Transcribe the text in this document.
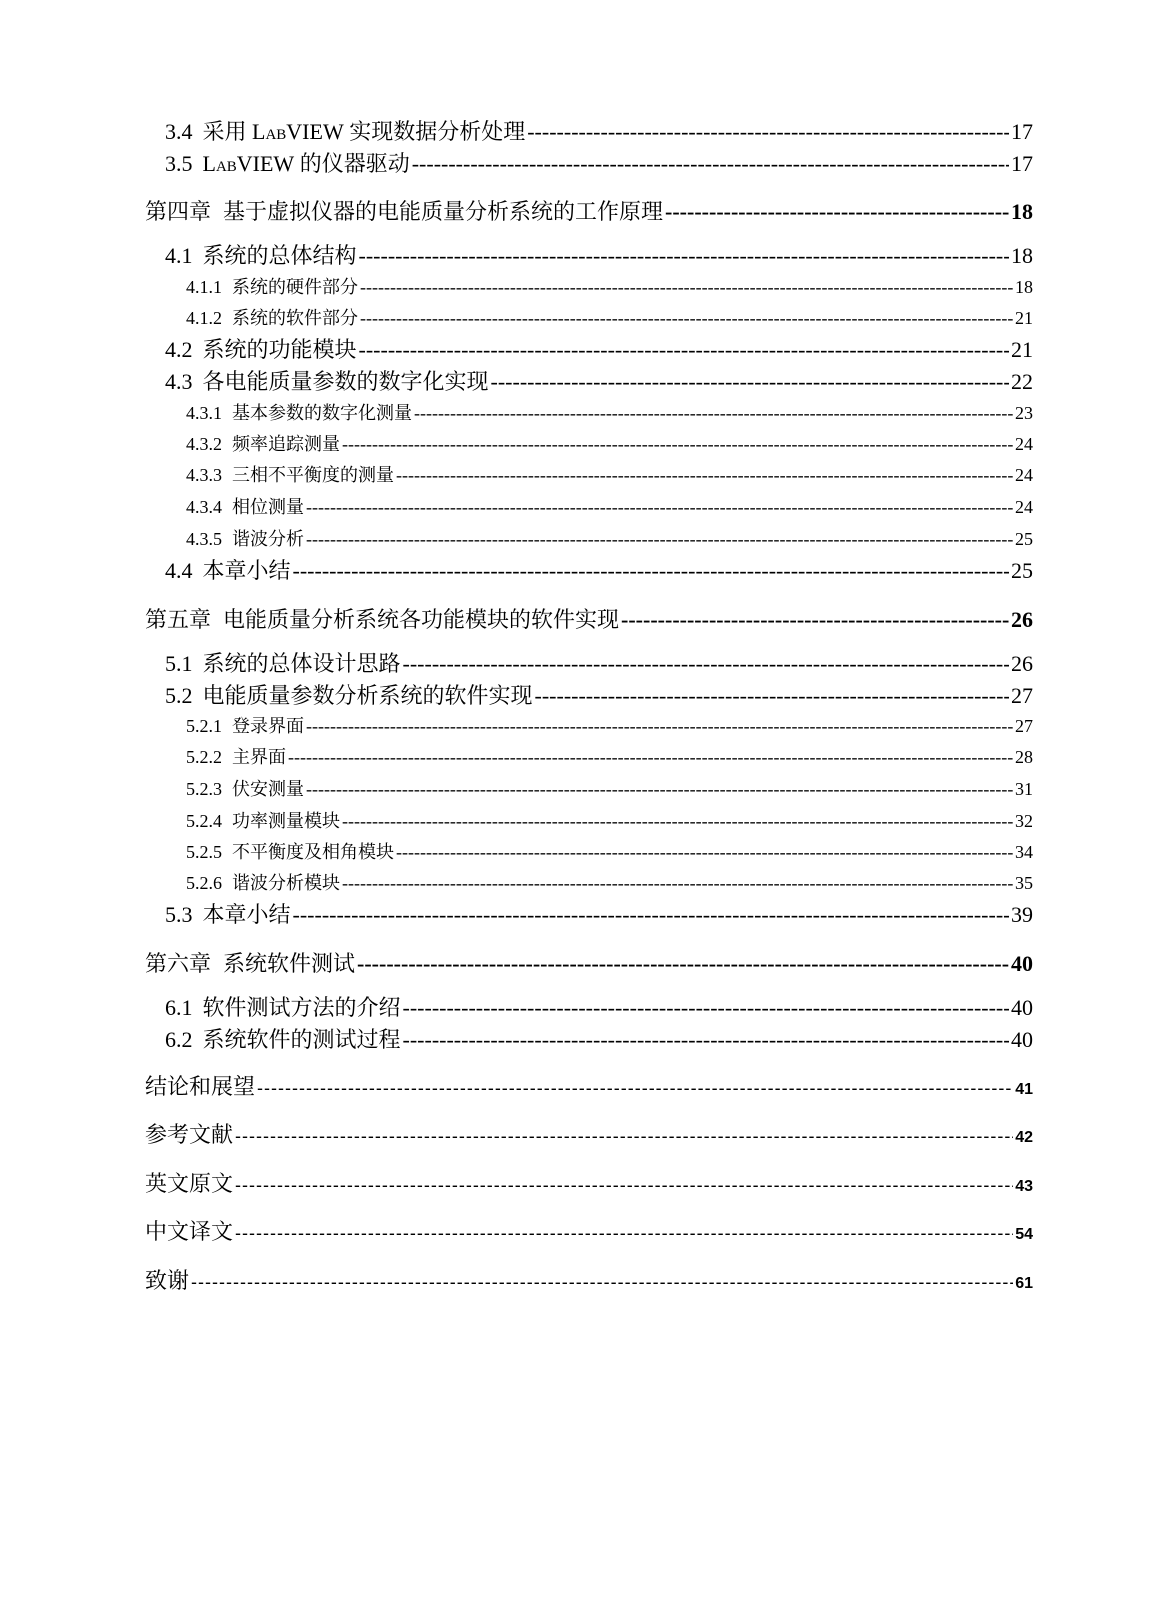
3.4 采用 LabVIEW 实现数据分析处理 -----	17
3.5 LabVIEW 的仪器驱动 -----	17
第四章 基于虚拟仪器的电能质量分析系统的工作原理 -----	18
4.1 系统的总体结构 -----	18
4.1.1 系统的硬件部分 -----	18
4.1.2 系统的软件部分 -----	21
4.2 系统的功能模块 -----	21
4.3 各电能质量参数的数字化实现 -----	22
4.3.1 基本参数的数字化测量 -----	23
4.3.2 频率追踪测量 -----	24
4.3.3 三相不平衡度的测量 -----	24
4.3.4 相位测量 -----	24
4.3.5 谐波分析 -----	25
4.4 本章小结 -----	25
第五章 电能质量分析系统各功能模块的软件实现 -----	26
5.1 系统的总体设计思路 -----	26
5.2 电能质量参数分析系统的软件实现 -----	27
5.2.1 登录界面 -----	27
5.2.2 主界面 -----	28
5.2.3 伏安测量 -----	31
5.2.4 功率测量模块 -----	32
5.2.5 不平衡度及相角模块 -----	34
5.2.6 谐波分析模块 -----	35
5.3 本章小结 -----	39
第六章 系统软件测试 -----	40
6.1 软件测试方法的介绍 -----	40
6.2 系统软件的测试过程 -----	40
结论和展望 -----	41
参考文献 -----	42
英文原文 -----	43
中文译文 -----	54
致谢 -----	61
